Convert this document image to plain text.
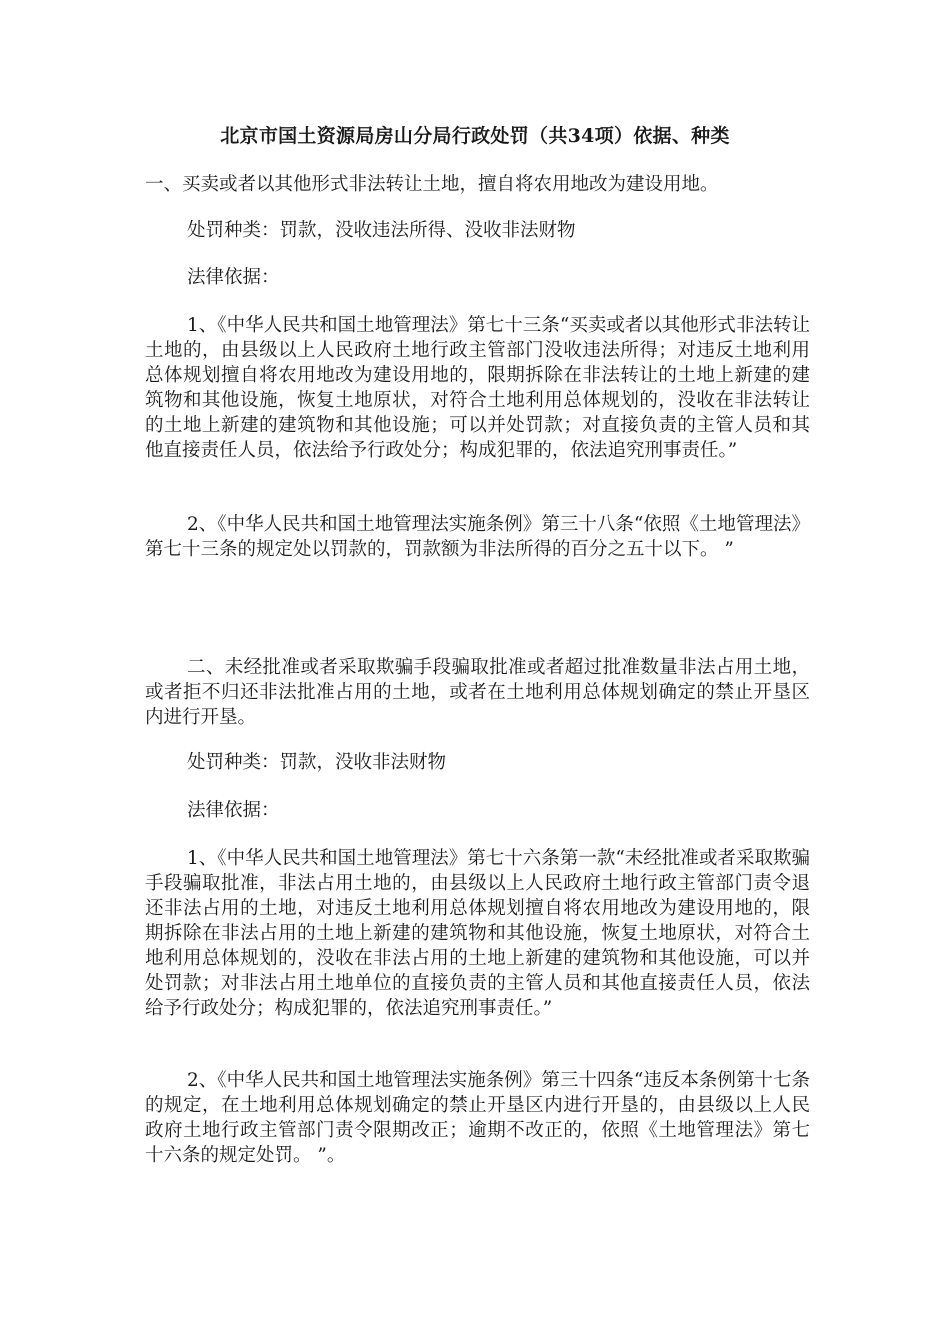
北京市国土资源局房山分局行政处罚（共34项）依据、种类

一、买卖或者以其他形式非法转让土地，擅自将农用地改为建设用地。

处罚种类：罚款，没收违法所得、没收非法财物

法律依据：

1、《中华人民共和国土地管理法》第七十三条“买卖或者以其他形式非法转让土地的，由县级以上人民政府土地行政主管部门没收违法所得；对违反土地利用总体规划擅自将农用地改为建设用地的，限期拆除在非法转让的土地上新建的建筑物和其他设施，恢复土地原状，对符合土地利用总体规划的，没收在非法转让的土地上新建的建筑物和其他设施；可以并处罚款；对直接负责的主管人员和其他直接责任人员，依法给予行政处分；构成犯罪的，依法追究刑事责任。”

2、《中华人民共和国土地管理法实施条例》第三十八条“依照《土地管理法》第七十三条的规定处以罚款的，罚款额为非法所得的百分之五十以下。 ”

二、未经批准或者采取欺骗手段骗取批准或者超过批准数量非法占用土地，或者拒不归还非法批准占用的土地，或者在土地利用总体规划确定的禁止开垦区内进行开垦。

处罚种类：罚款，没收非法财物

法律依据：

1、《中华人民共和国土地管理法》第七十六条第一款“未经批准或者采取欺骗手段骗取批准，非法占用土地的，由县级以上人民政府土地行政主管部门责令退还非法占用的土地，对违反土地利用总体规划擅自将农用地改为建设用地的，限期拆除在非法占用的土地上新建的建筑物和其他设施，恢复土地原状，对符合土地利用总体规划的，没收在非法占用的土地上新建的建筑物和其他设施，可以并处罚款；对非法占用土地单位的直接负责的主管人员和其他直接责任人员，依法给予行政处分；构成犯罪的，依法追究刑事责任。”

2、《中华人民共和国土地管理法实施条例》第三十四条“违反本条例第十七条的规定，在土地利用总体规划确定的禁止开垦区内进行开垦的，由县级以上人民政府土地行政主管部门责令限期改正；逾期不改正的，依照《土地管理法》第七十六条的规定处罚。 ”。
